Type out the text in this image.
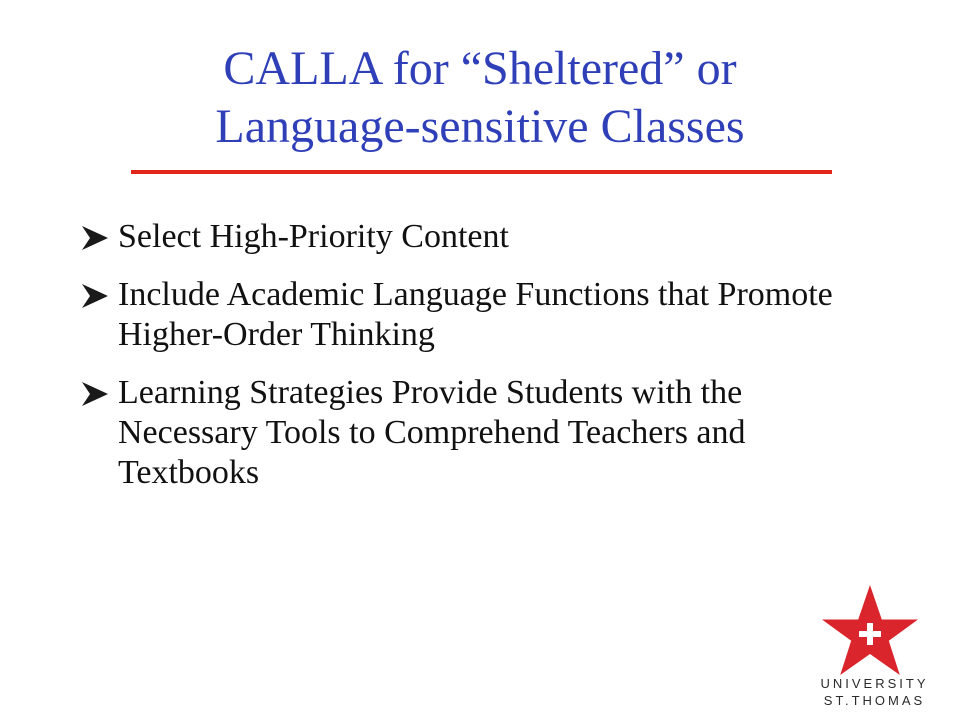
CALLA for “Sheltered” or
Language-sensitive Classes
Select High-Priority Content
Include Academic Language Functions that Promote Higher-Order Thinking
Learning Strategies Provide Students with the Necessary Tools to Comprehend Teachers and Textbooks
UNIVERSITY
ST.THOMAS
